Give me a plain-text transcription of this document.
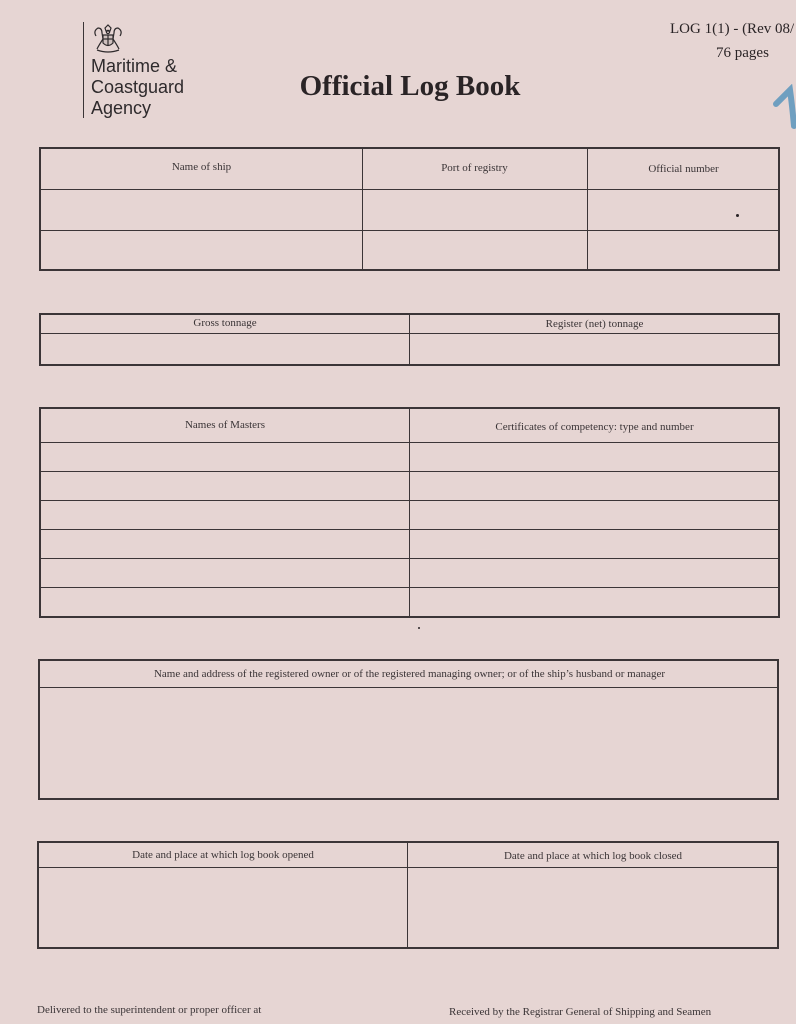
Maritime &
Coastguard
Agency
Official Log Book
LOG 1(1) - (Rev 08/
76 pages
Name of ship	Port of registry	Official number
Gross tonnage	Register (net) tonnage
Names of Masters	Certificates of competency: type and number
Name and address of the registered owner or of the registered managing owner; or of the ship’s husband or manager
Date and place at which log book opened	Date and place at which log book closed
Delivered to the superintendent or proper officer at	Received by the Registrar General of Shipping and Seamen
